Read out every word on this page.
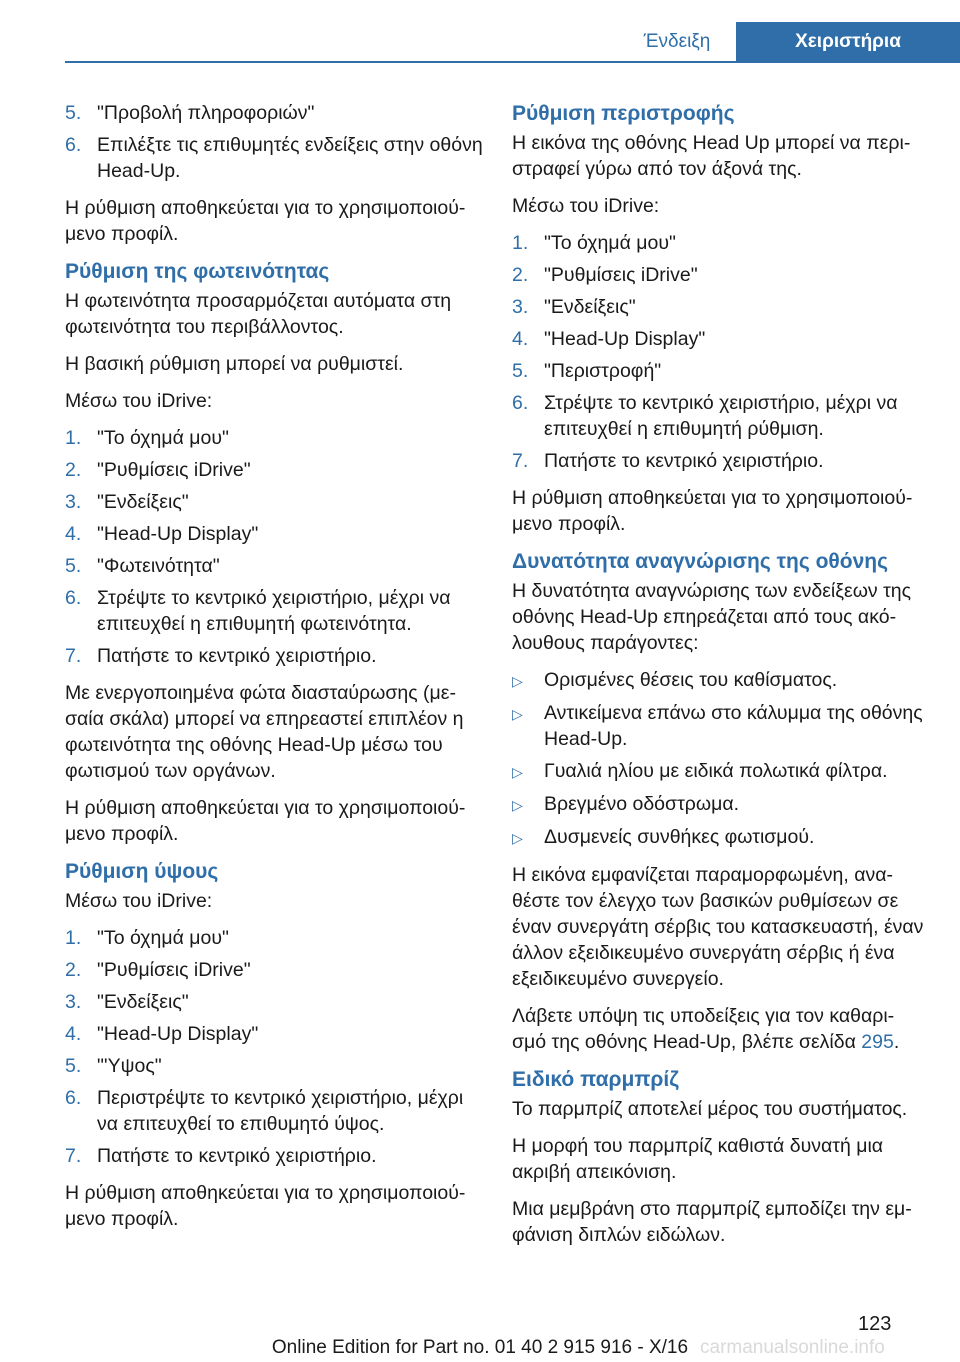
Ένδειξη	Χειριστήρια
5. "Προβολή πληροφοριών"
6. Επιλέξτε τις επιθυμητές ενδείξεις στην οθόνη Head-Up.

Η ρύθμιση αποθηκεύεται για το χρησιμοποιού‐ μενο προφίλ.

Ρύθμιση της φωτεινότητας

Η φωτεινότητα προσαρμόζεται αυτόματα στη φωτεινότητα του περιβάλλοντος.

Η βασική ρύθμιση μπορεί να ρυθμιστεί.

Μέσω του iDrive:

1. "Το όχημά μου"
2. "Ρυθμίσεις iDrive"
3. "Ενδείξεις"
4. "Head-Up Display"
5. "Φωτεινότητα"
6. Στρέψτε το κεντρικό χειριστήριο, μέχρι να επιτευχθεί η επιθυμητή φωτεινότητα.
7. Πατήστε το κεντρικό χειριστήριο.

Με ενεργοποιημένα φώτα διασταύρωσης (με‐ σαία σκάλα) μπορεί να επηρεαστεί επιπλέον η φωτεινότητα της οθόνης Head-Up μέσω του φωτισμού των οργάνων.

Η ρύθμιση αποθηκεύεται για το χρησιμοποιού‐ μενο προφίλ.

Ρύθμιση ύψους

Μέσω του iDrive:

1. "Το όχημά μου"
2. "Ρυθμίσεις iDrive"
3. "Ενδείξεις"
4. "Head-Up Display"
5. "'Υψος"
6. Περιστρέψτε το κεντρικό χειριστήριο, μέχρι να επιτευχθεί το επιθυμητό ύψος.
7. Πατήστε το κεντρικό χειριστήριο.

Η ρύθμιση αποθηκεύεται για το χρησιμοποιού‐ μενο προφίλ.

Ρύθμιση περιστροφής

Η εικόνα της οθόνης Head Up μπορεί να περι‐ στραφεί γύρω από τον άξονά της.

Μέσω του iDrive:

1. "Το όχημά μου"
2. "Ρυθμίσεις iDrive"
3. "Ενδείξεις"
4. "Head-Up Display"
5. "Περιστροφή"
6. Στρέψτε το κεντρικό χειριστήριο, μέχρι να επιτευχθεί η επιθυμητή ρύθμιση.
7. Πατήστε το κεντρικό χειριστήριο.

Η ρύθμιση αποθηκεύεται για το χρησιμοποιού‐ μενο προφίλ.

Δυνατότητα αναγνώρισης της οθόνης

Η δυνατότητα αναγνώρισης των ενδείξεων της οθόνης Head-Up επηρεάζεται από τους ακό‐ λουθους παράγοντες:

▷	Ορισμένες θέσεις του καθίσματος.
▷	Αντικείμενα επάνω στο κάλυμμα της οθόνης Head-Up.
▷	Γυαλιά ηλίου με ειδικά πολωτικά φίλτρα.
▷	Βρεγμένο οδόστρωμα.
▷	Δυσμενείς συνθήκες φωτισμού.

Η εικόνα εμφανίζεται παραμορφωμένη, ανα‐ θέστε τον έλεγχο των βασικών ρυθμίσεων σε έναν συνεργάτη σέρβις του κατασκευαστή, έναν άλλον εξειδικευμένο συνεργάτη σέρβις ή ένα εξειδικευμένο συνεργείο.

Λάβετε υπόψη τις υποδείξεις για τον καθαρι‐ σμό της οθόνης Head-Up, βλέπε σελίδα 295.

Ειδικό παρμπρίζ

Το παρμπρίζ αποτελεί μέρος του συστήματος.

Η μορφή του παρμπρίζ καθιστά δυνατή μια ακριβή απεικόνιση.

Μια μεμβράνη στο παρμπρίζ εμποδίζει την εμ‐ φάνιση διπλών ειδώλων.

123
carmanualsonline.info
Online Edition for Part no. 01 40 2 915 916 - X/16
